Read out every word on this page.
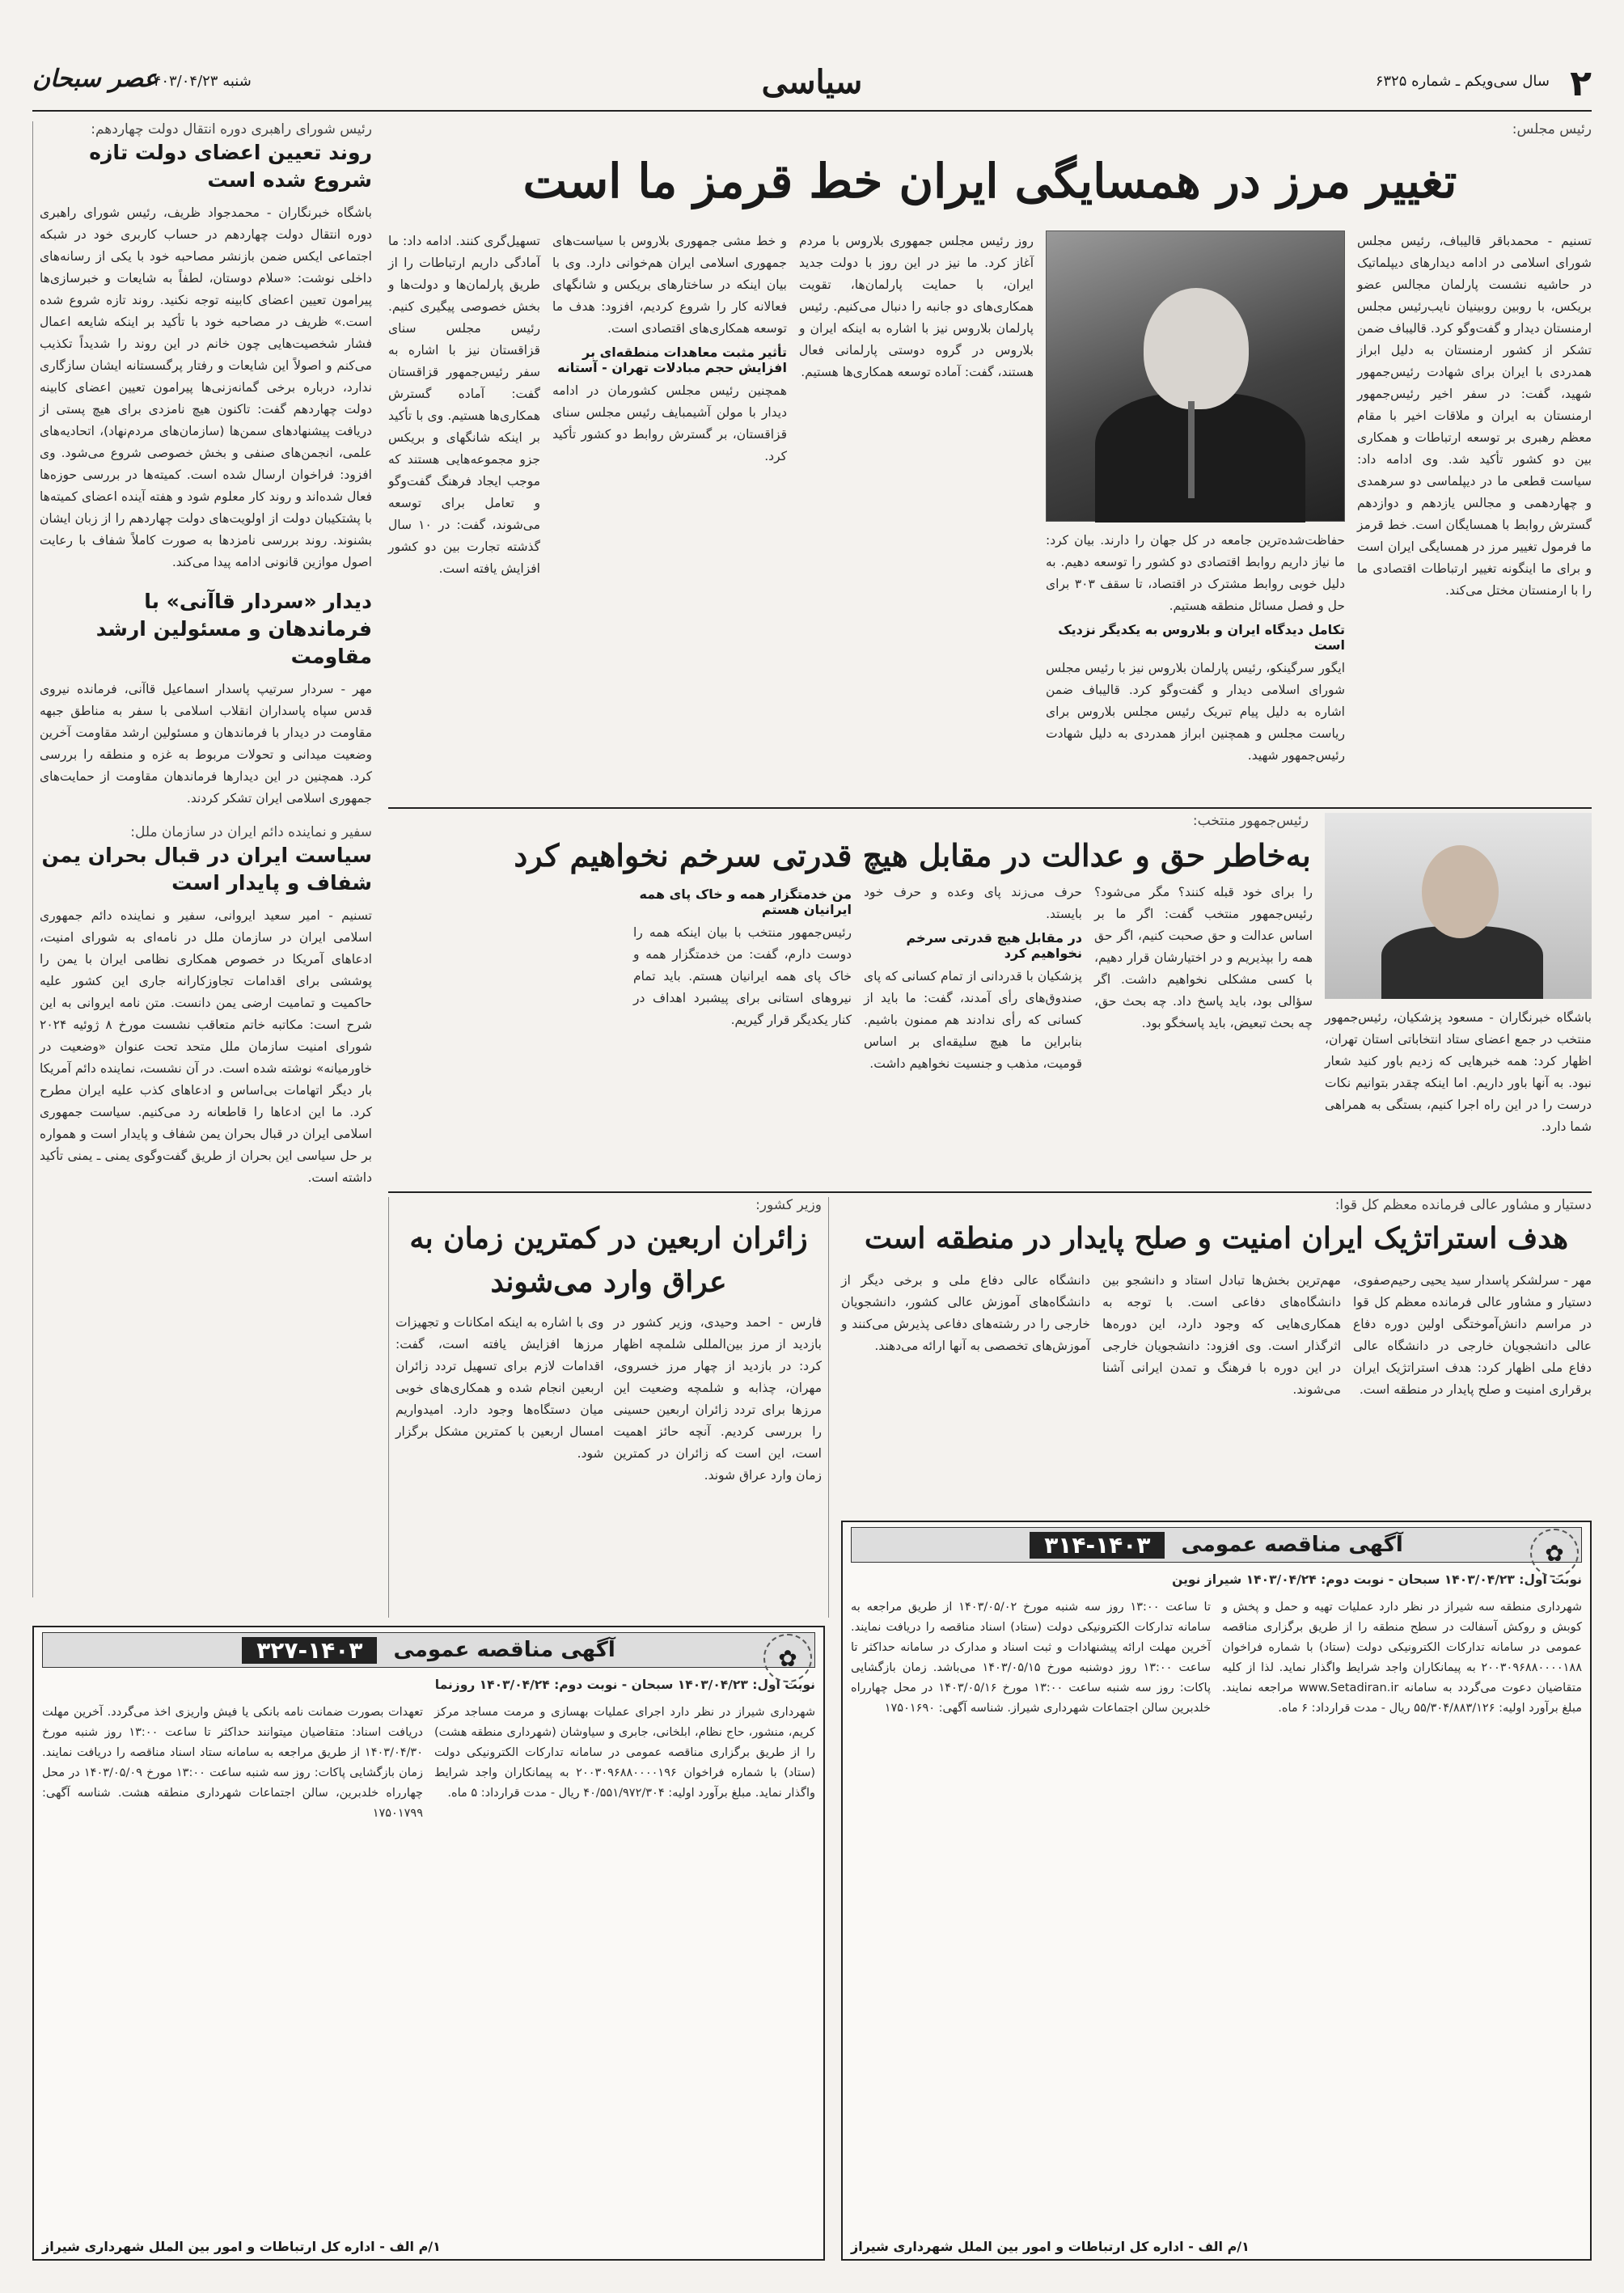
۲
سال سی‌ویکم ـ شماره ۶۳۲۵
سیاسی
شنبه ۱۴۰۳/۰۴/۲۳
عصر سبحان
رئیس شورای راهبری دوره انتقال دولت چهاردهم:
روند تعیین اعضای دولت تازه شروع شده است
باشگاه خبرنگاران - محمدجواد ظریف، رئیس شورای راهبری دوره انتقال دولت چهاردهم در حساب کاربری خود در شبکه اجتماعی ایکس ضمن بازنشر مصاحبه خود با یکی از رسانه‌های داخلی نوشت: «سلام دوستان، لطفاً به شایعات و خبرسازی‌ها پیرامون تعیین اعضای کابینه توجه نکنید. روند تازه شروع شده است.» ظریف در مصاحبه خود با تأکید بر اینکه شایعه اعمال فشار شخصیت‌هایی چون خانم در این روند را شدیداً تکذیب می‌کنم و اصولاً این شایعات و رفتار پرگسستانه ایشان سازگاری ندارد، درباره برخی گمانه‌زنی‌ها پیرامون تعیین اعضای کابینه دولت چهاردهم گفت: تاکنون هیچ نامزدی برای هیچ پستی از دریافت پیشنهادهای سمن‌ها (سازمان‌های مردم‌نهاد)، اتحادیه‌های علمی، انجمن‌های صنفی و بخش خصوصی شروع می‌شود. وی افزود: فراخوان ارسال شده است. کمیته‌ها در بررسی حوزه‌ها فعال شده‌اند و روند کار معلوم شود و هفته آینده اعضای کمیته‌ها با پشتکیبان دولت از اولویت‌های دولت چهاردهم را از زبان ایشان بشنوند. روند بررسی نامزدها به صورت کاملاً شفاف با رعایت اصول موازین قانونی ادامه پیدا می‌کند.
دیدار «سردار قاآنی» با فرماندهان و مسئولین ارشد مقاومت
مهر - سردار سرتیپ پاسدار اسماعیل قاآنی، فرمانده نیروی قدس سپاه پاسداران انقلاب اسلامی با سفر به مناطق جبهه مقاومت در دیدار با فرماندهان و مسئولین ارشد مقاومت آخرین وضعیت میدانی و تحولات مربوط به غزه و منطقه را بررسی کرد. همچنین در این دیدارها فرماندهان مقاومت از حمایت‌های جمهوری اسلامی ایران تشکر کردند.
سفیر و نماینده دائم ایران در سازمان ملل:
سیاست ایران در قبال بحران یمن شفاف و پایدار است
تسنیم - امیر سعید ایروانی، سفیر و نماینده دائم جمهوری اسلامی ایران در سازمان ملل در نامه‌ای به شورای امنیت، ادعاهای آمریکا در خصوص همکاری نظامی ایران با یمن را پوششی برای اقدامات تجاوزکارانه جاری این کشور علیه حاکمیت و تمامیت ارضی یمن دانست. متن نامه ایروانی به این شرح است: مکاتبه خاتم متعاقب نشست مورخ ۸ ژوئیه ۲۰۲۴ شورای امنیت سازمان ملل متحد تحت عنوان «وضعیت در خاورمیانه» نوشته شده است. در آن نشست، نماینده دائم آمریکا بار دیگر اتهامات بی‌اساس و ادعاهای کذب علیه ایران مطرح کرد. ما این ادعاها را قاطعانه رد می‌کنیم. سیاست جمهوری اسلامی ایران در قبال بحران یمن شفاف و پایدار است و همواره بر حل سیاسی این بحران از طریق گفت‌وگوی یمنی ـ یمنی تأکید داشته است.
رئیس مجلس:
تغییر مرز در همسایگی ایران خط قرمز ما است
تسنیم - محمدباقر قالیباف، رئیس مجلس شورای اسلامی در ادامه دیدارهای دیپلماتیک در حاشیه نشست پارلمان مجالس عضو بریکس، با روبین روبینیان نایب‌رئیس مجلس ارمنستان دیدار و گفت‌وگو کرد. قالیباف ضمن تشکر از کشور ارمنستان به دلیل ابراز همدردی با ایران برای شهادت رئیس‌جمهور شهید، گفت: در سفر اخیر رئیس‌جمهور ارمنستان به ایران و ملاقات اخیر با مقام معظم رهبری بر توسعه ارتباطات و همکاری بین دو کشور تأکید شد. وی ادامه داد: سیاست قطعی ما در دیپلماسی دو سرهمدی و چهاردهمی و مجالس یازدهم و دوازدهم گسترش روابط با همسایگان است. خط قرمز ما فرمول تغییر مرز در همسایگی ایران است و برای ما اینگونه تغییر ارتباطات اقتصادی ما را با ارمنستان مختل می‌کند.
حفاظت‌شده‌ترین جامعه در کل جهان را دارند. بیان کرد: ما نیاز داریم روابط اقتصادی دو کشور را توسعه دهیم. به دلیل خوبی روابط مشترک در اقتصاد، تا سقف ۳۰۳ برای حل و فصل مسائل منطقه هستیم.
تکامل دیدگاه ایران و بلاروس به یکدیگر نزدیک است
ایگور سرگینکو، رئیس پارلمان بلاروس نیز با رئیس مجلس شورای اسلامی دیدار و گفت‌وگو کرد. قالیباف ضمن اشاره به دلیل پیام تبریک رئیس مجلس بلاروس برای ریاست مجلس و همچنین ابراز همدردی به دلیل شهادت رئیس‌جمهور شهید.
روز رئیس مجلس جمهوری بلاروس با مردم آغاز کرد. ما نیز در این روز با دولت جدید ایران، با حمایت پارلمان‌ها، تقویت همکاری‌های دو جانبه را دنبال می‌کنیم. رئیس پارلمان بلاروس نیز با اشاره به اینکه ایران و بلاروس در گروه دوستی پارلمانی فعال هستند، گفت: آماده توسعه همکاری‌ها هستیم.
و خط مشی جمهوری بلاروس با سیاست‌های جمهوری اسلامی ایران هم‌خوانی دارد. وی با بیان اینکه در ساختارهای بریکس و شانگهای فعالانه کار را شروع کردیم، افزود: هدف ما توسعه همکاری‌های اقتصادی است.
تأثیر مثبت معاهدات منطقه‌ای بر افزایش حجم مبادلات تهران - آستانه
همچنین رئیس مجلس کشورمان در ادامه دیدار با مولن آشیمبایف رئیس مجلس سنای قزاقستان، بر گسترش روابط دو کشور تأکید کرد.
تسهیل‌گری کنند. ادامه داد: ما آمادگی داریم ارتباطات را از طریق پارلمان‌ها و دولت‌ها و بخش خصوصی پیگیری کنیم. رئیس مجلس سنای قزاقستان نیز با اشاره به سفر رئیس‌جمهور قزاقستان گفت: آماده گسترش همکاری‌ها هستیم. وی با تأکید بر اینکه شانگهای و بریکس جزو مجموعه‌هایی هستند که موجب ایجاد فرهنگ گفت‌وگو و تعامل برای توسعه می‌شوند، گفت: در ۱۰ سال گذشته تجارت بین دو کشور افزایش یافته است.
رئیس‌جمهور منتخب:
به‌خاطر حق و عدالت در مقابل هیچ قدرتی سرخم نخواهیم کرد
باشگاه خبرنگاران - مسعود پزشکیان، رئیس‌جمهور منتخب در جمع اعضای ستاد انتخاباتی استان تهران، اظهار کرد: همه خبرهایی که زدیم باور کنید شعار نبود. به آنها باور داریم. اما اینکه چقدر بتوانیم نکات درست را در این راه اجرا کنیم، بستگی به همراهی شما دارد.
را برای خود قبله کنند؟ مگر می‌شود؟ رئیس‌جمهور منتخب گفت: اگر ما بر اساس عدالت و حق صحبت کنیم، اگر حق همه را بپذیریم و در اختیارشان قرار دهیم، با کسی مشکلی نخواهیم داشت. اگر سؤالی بود، باید پاسخ داد. چه بحث حق، چه بحث تبعیض، باید پاسخگو بود.
حرف می‌زند پای وعده و حرف خود بایستد.
در مقابل هیچ قدرتی سرخم نخواهیم کرد
پزشکیان با قدردانی از تمام کسانی که پای صندوق‌های رأی آمدند، گفت: ما باید از کسانی که رأی ندادند هم ممنون باشیم. بنابراین ما هیچ سلیقه‌ای بر اساس قومیت، مذهب و جنسیت نخواهیم داشت.
من خدمتگزار همه و خاک پای همه ایرانیان هستم
رئیس‌جمهور منتخب با بیان اینکه همه را دوست دارم، گفت: من خدمتگزار همه و خاک پای همه ایرانیان هستم. باید تمام نیروهای استانی برای پیشبرد اهداف در کنار یکدیگر قرار گیریم.
دستیار و مشاور عالی فرمانده معظم کل قوا:
هدف استراتژیک ایران امنیت و صلح پایدار در منطقه است
مهر - سرلشکر پاسدار سید یحیی رحیم‌صفوی، دستیار و مشاور عالی فرمانده معظم کل قوا در مراسم دانش‌آموختگی اولین دوره دفاع عالی دانشجویان خارجی در دانشگاه عالی دفاع ملی اظهار کرد: هدف استراتژیک ایران برقراری امنیت و صلح پایدار در منطقه است.
مهم‌ترین بخش‌ها تبادل استاد و دانشجو بین دانشگاه‌های دفاعی است. با توجه به همکاری‌هایی که وجود دارد، این دوره‌ها اثرگذار است. وی افزود: دانشجویان خارجی در این دوره با فرهنگ و تمدن ایرانی آشنا می‌شوند.
دانشگاه عالی دفاع ملی و برخی دیگر از دانشگاه‌های آموزش عالی کشور، دانشجویان خارجی را در رشته‌های دفاعی پذیرش می‌کنند و آموزش‌های تخصصی به آنها ارائه می‌دهند.
وزیر کشور:
زائران اربعین در کمترین زمان به عراق وارد می‌شوند
فارس - احمد وحیدی، وزیر کشور در بازدید از مرز بین‌المللی شلمچه اظهار کرد: در بازدید از چهار مرز خسروی، مهران، چذابه و شلمچه وضعیت این مرزها برای تردد زائران اربعین حسینی را بررسی کردیم. آنچه حائز اهمیت است، این است که زائران در کمترین زمان وارد عراق شوند.
وی با اشاره به اینکه امکانات و تجهیزات مرزها افزایش یافته است، گفت: اقدامات لازم برای تسهیل تردد زائران اربعین انجام شده و همکاری‌های خوبی میان دستگاه‌ها وجود دارد. امیدواریم امسال اربعین با کمترین مشکل برگزار شود.
✿
آگهی مناقصه عمومی
۳۱۴-۱۴۰۳
نوبت اول: ۱۴۰۳/۰۴/۲۳ سبحان - نوبت دوم: ۱۴۰۳/۰۴/۲۴ شیراز نوین
شهرداری منطقه سه شیراز در نظر دارد عملیات تهیه و حمل و پخش و کوبش و روکش آسفالت در سطح منطقه را از طریق برگزاری مناقصه عمومی در سامانه تدارکات الکترونیکی دولت (ستاد) با شماره فراخوان ۲۰۰۳۰۹۶۸۸۰۰۰۰۱۸۸ به پیمانکاران واجد شرایط واگذار نماید. لذا از کلیه متقاضیان دعوت می‌گردد به سامانه www.Setadiran.ir مراجعه نمایند. مبلغ برآورد اولیه: ۵۵/۳۰۴/۸۸۳/۱۲۶ ریال - مدت قرارداد: ۶ ماه.
تا ساعت ۱۳:۰۰ روز سه شنبه مورخ ۱۴۰۳/۰۵/۰۲ از طریق مراجعه به سامانه تدارکات الکترونیکی دولت (ستاد) اسناد مناقصه را دریافت نمایند. آخرین مهلت ارائه پیشنهادات و ثبت اسناد و مدارک در سامانه حداکثر تا ساعت ۱۳:۰۰ روز دوشنبه مورخ ۱۴۰۳/۰۵/۱۵ می‌باشد. زمان بازگشایی پاکات: روز سه شنبه ساعت ۱۳:۰۰ مورخ ۱۴۰۳/۰۵/۱۶ در محل چهارراه خلدبرین سالن اجتماعات شهرداری شیراز. شناسه آگهی: ۱۷۵۰۱۶۹۰
۱/م الف - اداره کل ارتباطات و امور بین الملل شهرداری شیراز
✿
آگهی مناقصه عمومی
۳۲۷-۱۴۰۳
نوبت اول: ۱۴۰۳/۰۴/۲۳ سبحان - نوبت دوم: ۱۴۰۳/۰۴/۲۴ روزنما
شهرداری شیراز در نظر دارد اجرای عملیات بهسازی و مرمت مساجد مرکز کریم، منشور، حاج نظام، ابلخانی، جابری و سیاوشان (شهرداری منطقه هشت) را از طریق برگزاری مناقصه عمومی در سامانه تدارکات الکترونیکی دولت (ستاد) با شماره فراخوان ۲۰۰۳۰۹۶۸۸۰۰۰۰۱۹۶ به پیمانکاران واجد شرایط واگذار نماید. مبلغ برآورد اولیه: ۴۰/۵۵۱/۹۷۲/۳۰۴ ریال - مدت قرارداد: ۵ ماه.
تعهدات بصورت ضمانت نامه بانکی یا فیش واریزی اخذ می‌گردد. آخرین مهلت دریافت اسناد: متقاضیان میتوانند حداکثر تا ساعت ۱۳:۰۰ روز شنبه مورخ ۱۴۰۳/۰۴/۳۰ از طریق مراجعه به سامانه ستاد اسناد مناقصه را دریافت نمایند. زمان بازگشایی پاکات: روز سه شنبه ساعت ۱۳:۰۰ مورخ ۱۴۰۳/۰۵/۰۹ در محل چهارراه خلدبرین، سالن اجتماعات شهرداری منطقه هشت. شناسه آگهی: ۱۷۵۰۱۷۹۹
۱/م الف - اداره کل ارتباطات و امور بین الملل شهرداری شیراز
